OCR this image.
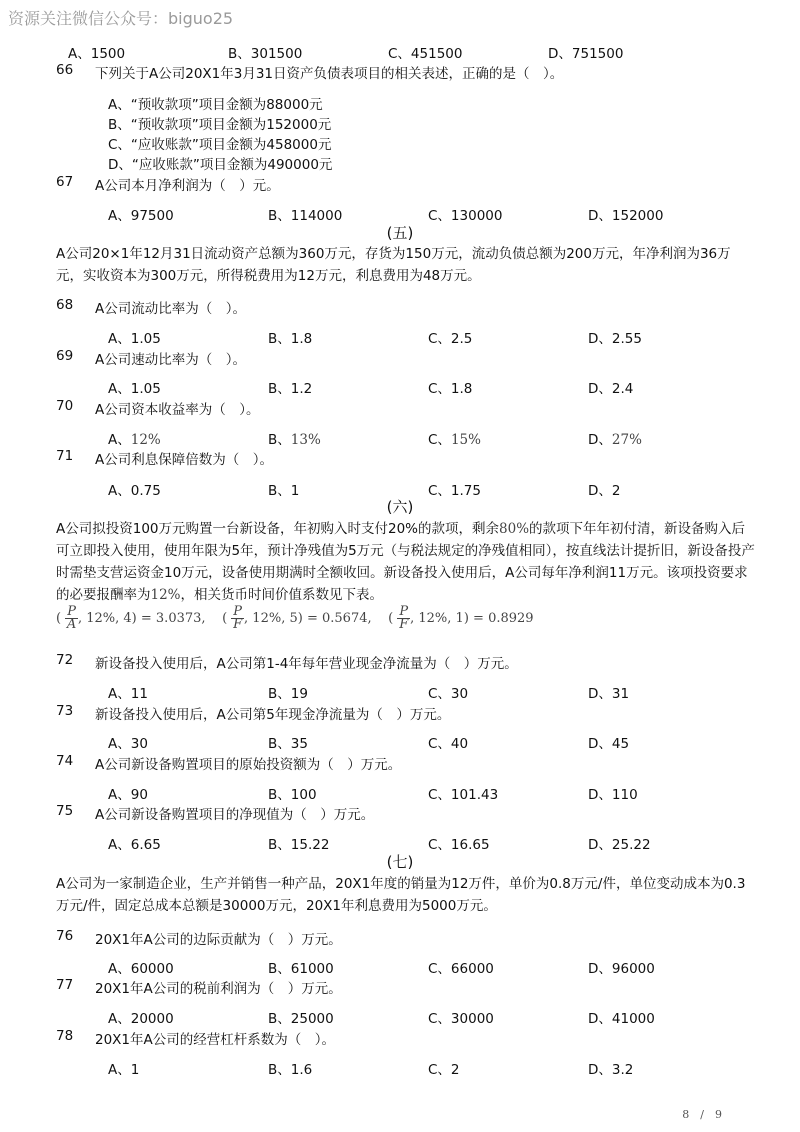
资源关注微信公众号：biguo25
A、1500	B、301500	C、451500	D、751500
66 下列关于A公司20X1年3月31日资产负债表项目的相关表述，正确的是（　）。
A、“预收款项”项目金额为88000元
B、“预收款项”项目金额为152000元
C、“应收账款”项目金额为458000元
D、“应收账款”项目金额为490000元
67 A公司本月净利润为（　）元。
A、97500	B、114000	C、130000	D、152000
(五)
A公司20×1年12月31日流动资产总额为360万元，存货为150万元，流动负债总额为200万元，年净利润为36万元，实收资本为300万元，所得税费用为12万元，利息费用为48万元。
68 A公司流动比率为（　）。
A、1.05	B、1.8	C、2.5	D、2.55
69 A公司速动比率为（　）。
A、1.05	B、1.2	C、1.8	D、2.4
70 A公司资本收益率为（　）。
A、12%	B、13%	C、15%	D、27%
71 A公司利息保障倍数为（　）。
A、0.75	B、1	C、1.75	D、2
(六)
A公司拟投资100万元购置一台新设备，年初购入时支付20%的款项，剩余80%的款项下年年初付清，新设备购入后可立即投入使用，使用年限为5年，预计净残值为5万元（与税法规定的净残值相同），按直线法计提折旧，新设备投产时需垫支营运资金10万元，设备使用期满时全额收回。新设备投入使用后，A公司每年净利润11万元。该项投资要求的必要报酬率为12%，相关货币时间价值系数见下表。
( $\frac{P}{A}$ , 12%, 4) = 3.0373, ( $\frac{P}{F}$ , 12%, 5) = 0.5674, ( $\frac{P}{F}$ , 12%, 1) = 0.8929
72 新设备投入使用后，A公司第1-4年每年营业现金净流量为（　）万元。
A、11	B、19	C、30	D、31
73 新设备投入使用后，A公司第5年现金净流量为（　）万元。
A、30	B、35	C、40	D、45
74 A公司新设备购置项目的原始投资额为（　）万元。
A、90	B、100	C、101.43	D、110
75 A公司新设备购置项目的净现值为（　）万元。
A、6.65	B、15.22	C、16.65	D、25.22
(七)
A公司为一家制造企业，生产并销售一种产品，20X1年度的销量为12万件，单价为0.8万元/件，单位变动成本为0.3万元/件，固定总成本总额是30000万元，20X1年利息费用为5000万元。
76 20X1年A公司的边际贡献为（　）万元。
A、60000	B、61000	C、66000	D、96000
77 20X1年A公司的税前利润为（　）万元。
A、20000	B、25000	C、30000	D、41000
78 20X1年A公司的经营杠杆系数为（　）。
A、1	B、1.6	C、2	D、3.2
8　/　9
